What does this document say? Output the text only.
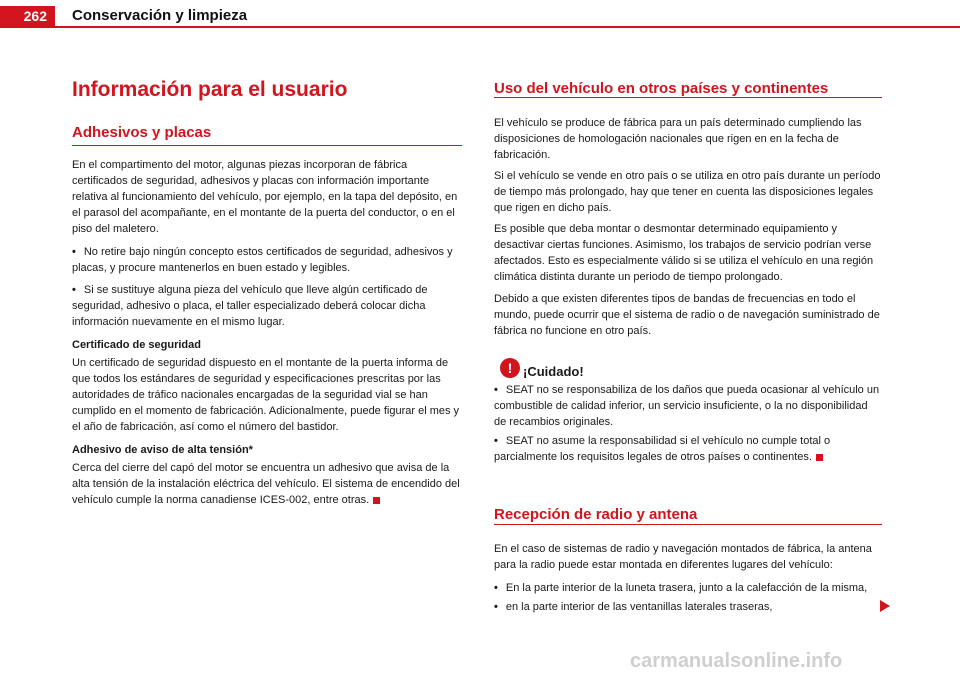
262	Conservación y limpieza
Información para el usuario
Adhesivos y placas

En el compartimento del motor, algunas piezas incorporan de fábrica certificados de seguridad, adhesivos y placas con información importante relativa al funcionamiento del vehículo, por ejemplo, en la tapa del depósito, en el parasol del acompañante, en el montante de la puerta del conductor, o en el piso del maletero.

• No retire bajo ningún concepto estos certificados de seguridad, adhesivos y placas, y procure mantenerlos en buen estado y legibles.
• Si se sustituye alguna pieza del vehículo que lleve algún certificado de seguridad, adhesivo o placa, el taller especializado deberá colocar dicha información nuevamente en el mismo lugar.
Certificado de seguridad

Un certificado de seguridad dispuesto en el montante de la puerta informa de que todos los estándares de seguridad y especificaciones prescritas por las autoridades de tráfico nacionales encargadas de la seguridad vial se han cumplido en el momento de fabricación. Adicionalmente, puede figurar el mes y el año de fabricación, así como el número del bastidor.

Adhesivo de aviso de alta tensión*

Cerca del cierre del capó del motor se encuentra un adhesivo que avisa de la alta tensión de la instalación eléctrica del vehículo. El sistema de encendido del vehículo cumple la norma canadiense ICES-002, entre otras.

Uso del vehículo en otros países y continentes

El vehículo se produce de fábrica para un país determinado cumpliendo las disposiciones de homologación nacionales que rigen en en la fecha de fabricación.

Si el vehículo se vende en otro país o se utiliza en otro país durante un período de tiempo más prolongado, hay que tener en cuenta las disposiciones legales que rigen en dicho país.

Es posible que deba montar o desmontar determinado equipamiento y desactivar ciertas funciones. Asimismo, los trabajos de servicio podrían verse afectados. Esto es especialmente válido si se utiliza el vehículo en una región climática distinta durante un periodo de tiempo prolongado.

Debido a que existen diferentes tipos de bandas de frecuencias en todo el mundo, puede ocurrir que el sistema de radio o de navegación suministrado de fábrica no funcione en otro país.

! ¡Cuidado!
• SEAT no se responsabiliza de los daños que pueda ocasionar al vehículo un combustible de calidad inferior, un servicio insuficiente, o la no disponibilidad de recambios originales.
• SEAT no asume la responsabilidad si el vehículo no cumple total o parcialmente los requisitos legales de otros países o continentes.
Recepción de radio y antena

En el caso de sistemas de radio y navegación montados de fábrica, la antena para la radio puede estar montada en diferentes lugares del vehículo:

• En la parte interior de la luneta trasera, junto a la calefacción de la misma,
• en la parte interior de las ventanillas laterales traseras,
carmanualsonline.info
